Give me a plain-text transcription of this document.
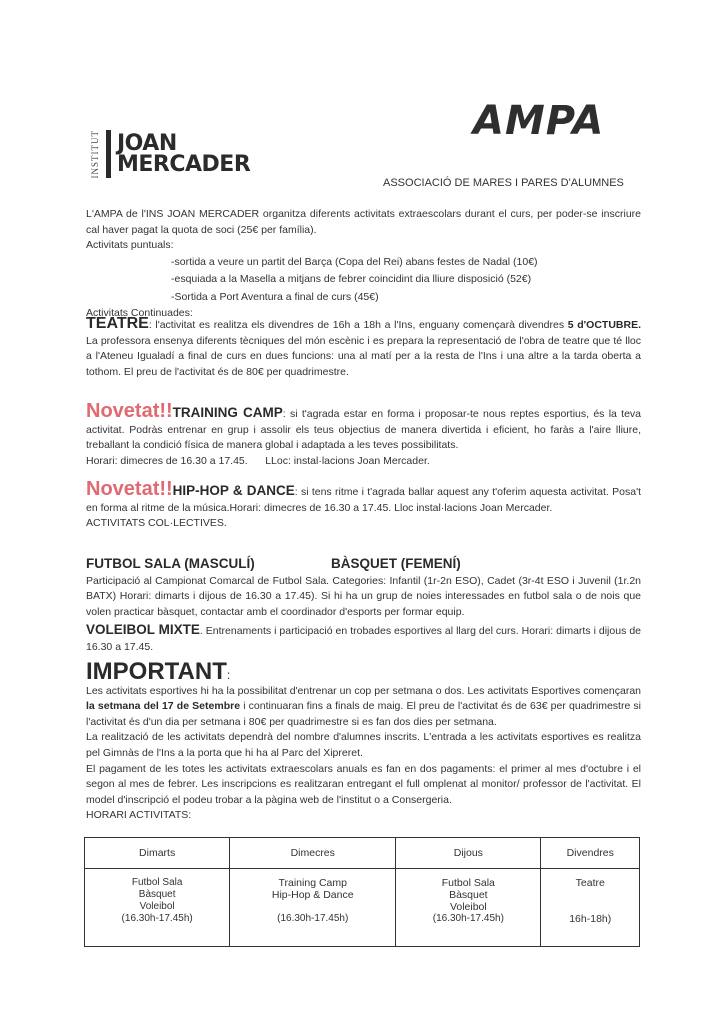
INSTITUT JOAN
MERCADER
AMPA
ASSOCIACIÓ DE MARES I PARES D'ALUMNES
L'AMPA de l'INS JOAN MERCADER organitza diferents activitats extraescolars durant el curs, per poder-se inscriure cal haver pagat la quota de soci (25€ per família).
Activitats puntuals:
-sortida a veure un partit del Barça (Copa del Rei) abans festes de Nadal (10€)
-esquiada a la Masella a mitjans de febrer coincidint dia lliure disposició (52€)
-Sortida a Port Aventura a final de curs (45€)
Activitats Continuades:
TEATRE: l'activitat es realitza els divendres de 16h a 18h a l'Ins, enguany començarà divendres 5 d'OCTUBRE. La professora ensenya diferents tècniques del món escènic i es prepara la representació de l'obra de teatre que té lloc a l'Ateneu Igualadí a final de curs en dues funcions: una al matí per a la resta de l'Ins i una altre a la tarda oberta a tothom. El preu de l'activitat és de 80€ per quadrimestre.
Novetat!!TRAINING CAMP: si t'agrada estar en forma i proposar-te nous reptes esportius, és la teva activitat. Podràs entrenar en grup i assolir els teus objectius de manera divertida i eficient, ho faràs a l'aire lliure, treballant la condició física de manera global i adaptada a les teves possibilitats.
Horari: dimecres de 16.30 a 17.45. LLoc: instal·lacions Joan Mercader.
Novetat!!HIP-HOP & DANCE: si tens ritme i t'agrada ballar aquest any t'oferim aquesta activitat. Posa't en forma al ritme de la música.Horari: dimecres de 16.30 a 17.45. Lloc instal·lacions Joan Mercader.
ACTIVITATS COL·LECTIVES.
FUTBOL SALA (MASCULÍ)	BÀSQUET (FEMENÍ)
Participació al Campionat Comarcal de Futbol Sala. Categories: Infantil (1r-2n ESO), Cadet (3r-4t ESO i Juvenil (1r.2n BATX) Horari: dimarts i dijous de 16.30 a 17.45). Si hi ha un grup de noies interessades en futbol sala o de nois que volen practicar bàsquet, contactar amb el coordinador d'esports per formar equip.
VOLEIBOL MIXTE. Entrenaments i participació en trobades esportives al llarg del curs. Horari: dimarts i dijous de 16.30 a 17.45.
IMPORTANT:
Les activitats esportives hi ha la possibilitat d'entrenar un cop per setmana o dos. Les activitats Esportives començaran la setmana del 17 de Setembre i continuaran fins a finals de maig. El preu de l'activitat és de 63€ per quadrimestre si l'activitat és d'un dia per setmana i 80€ per quadrimestre si es fan dos dies per setmana.
La realització de les activitats dependrà del nombre d'alumnes inscrits. L'entrada a les activitats esportives es realitza pel Gimnàs de l'Ins a la porta que hi ha al Parc del Xipreret.
El pagament de les totes les activitats extraescolars anuals es fan en dos pagaments: el primer al mes d'octubre i el segon al mes de febrer. Les inscripcions es realitzaran entregant el full omplenat al monitor/ professor de l'activitat. El model d'inscripció el podeu trobar a la pàgina web de l'institut o a Consergeria.
HORARI ACTIVITATS:
Dimarts	Dimecres	Dijous	Divendres

Futbol Sala
Bàsquet
Voleibol
(16.30h-17.45h)	Training Camp
Hip-Hop & Dance
(16.30h-17.45h)	Futbol Sala
Bàsquet
Voleibol
(16.30h-17.45h)	Teatre
16h-18h)
